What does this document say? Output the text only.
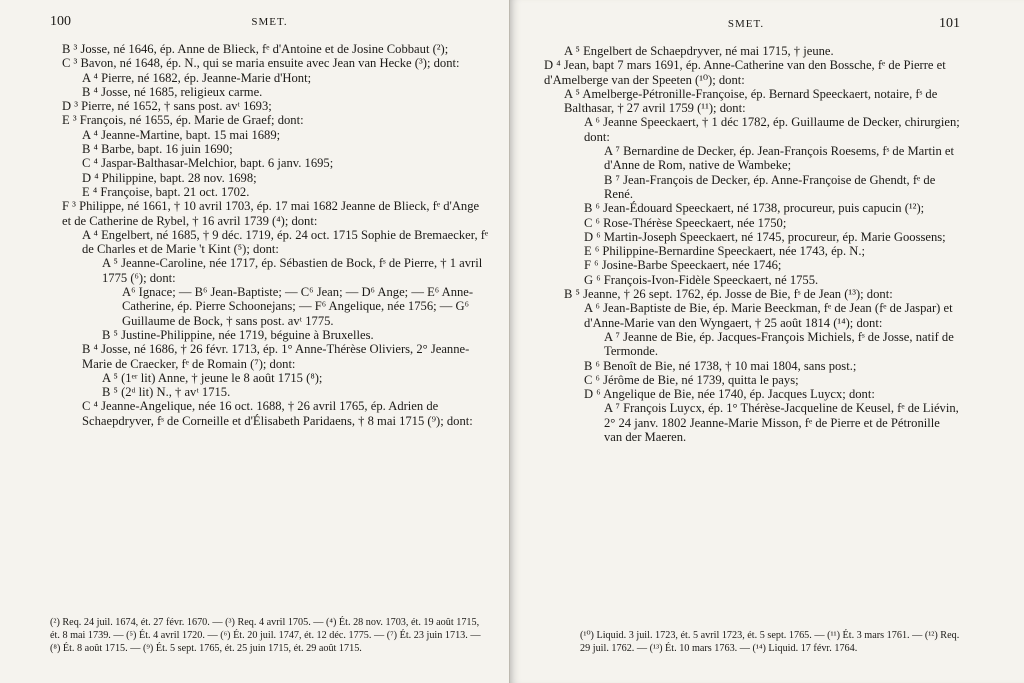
100	SMET.

B ³ Josse, né 1646, ép. Anne de Blieck, fᵉ d'Antoine et de Josine Cobbaut (²);

C ³ Bavon, né 1648, ép. N., qui se maria ensuite avec Jean van Hecke (³); dont:

A ⁴ Pierre, né 1682, ép. Jeanne-Marie d'Hont;

B ⁴ Josse, né 1685, religieux carme.

D ³ Pierre, né 1652, † sans post. avᵗ 1693;

E ³ François, né 1655, ép. Marie de Graef; dont:

A ⁴ Jeanne-Martine, bapt. 15 mai 1689;

B ⁴ Barbe, bapt. 16 juin 1690;

C ⁴ Jaspar-Balthasar-Melchior, bapt. 6 janv. 1695;

D ⁴ Philippine, bapt. 28 nov. 1698;

E ⁴ Françoise, bapt. 21 oct. 1702.

F ³ Philippe, né 1661, † 10 avril 1703, ép. 17 mai 1682 Jeanne de Blieck, fᵉ d'Ange et de Catherine de Rybel, † 16 avril 1739 (⁴); dont:

A ⁴ Engelbert, né 1685, † 9 déc. 1719, ép. 24 oct. 1715 Sophie de Bremaecker, fᵉ de Charles et de Marie 't Kint (⁵); dont:

A ⁵ Jeanne-Caroline, née 1717, ép. Sébastien de Bock, fˢ de Pierre, † 1 avril 1775 (⁶); dont:

A⁶ Ignace; — B⁶ Jean-Baptiste; — C⁶ Jean; — D⁶ Ange; — E⁶ Anne-Catherine, ép. Pierre Schoonejans; — F⁶ Angelique, née 1756; — G⁶ Guillaume de Bock, † sans post. avᵗ 1775.

B ⁵ Justine-Philippine, née 1719, béguine à Bruxelles.

B ⁴ Josse, né 1686, † 26 févr. 1713, ép. 1° Anne-Thérèse Oliviers, 2° Jeanne-Marie de Craecker, fᵉ de Romain (⁷); dont:

A ⁵ (1ᵉʳ lit) Anne, † jeune le 8 août 1715 (⁸);

B ⁵ (2ᵈ lit) N., † avᵗ 1715.

C ⁴ Jeanne-Angelique, née 16 oct. 1688, † 26 avril 1765, ép. Adrien de Schaepdryver, fˢ de Corneille et d'Élisabeth Paridaens, † 8 mai 1715 (⁹); dont:

(²) Req. 24 juil. 1674, ét. 27 févr. 1670. — (³) Req. 4 avril 1705. — (⁴) Ét. 28 nov. 1703, ét. 19 août 1715, ét. 8 mai 1739. — (⁵) Ét. 4 avril 1720. — (⁶) Ét. 20 juil. 1747, ét. 12 déc. 1775. — (⁷) Ét. 23 juin 1713. — (⁸) Ét. 8 août 1715. — (⁹) Ét. 5 sept. 1765, ét. 25 juin 1715, ét. 29 août 1715.
SMET.	101

A ⁵ Engelbert de Schaepdryver, né mai 1715, † jeune.

D ⁴ Jean, bapt 7 mars 1691, ép. Anne-Catherine van den Bossche, fᵉ de Pierre et d'Amelberge van der Speeten (¹⁰); dont:

A ⁵ Amelberge-Pétronille-Françoise, ép. Bernard Speeckaert, notaire, fˢ de Balthasar, † 27 avril 1759 (¹¹); dont:

A ⁶ Jeanne Speeckaert, † 1 déc 1782, ép. Guillaume de Decker, chirurgien; dont:

A ⁷ Bernardine de Decker, ép. Jean-François Roesems, fˢ de Martin et d'Anne de Rom, native de Wambeke;

B ⁷ Jean-François de Decker, ép. Anne-Françoise de Ghendt, fᵉ de René.

B ⁶ Jean-Édouard Speeckaert, né 1738, procureur, puis capucin (¹²);

C ⁶ Rose-Thérèse Speeckaert, née 1750;

D ⁶ Martin-Joseph Speeckaert, né 1745, procureur, ép. Marie Goossens;

E ⁶ Philippine-Bernardine Speeckaert, née 1743, ép. N.;

F ⁶ Josine-Barbe Speeckaert, née 1746;

G ⁶ François-Ivon-Fidèle Speeckaert, né 1755.

B ⁵ Jeanne, † 26 sept. 1762, ép. Josse de Bie, fˢ de Jean (¹³); dont:

A ⁶ Jean-Baptiste de Bie, ép. Marie Beeckman, fᵉ de Jean (fᵉ de Jaspar) et d'Anne-Marie van den Wyngaert, † 25 août 1814 (¹⁴); dont:

A ⁷ Jeanne de Bie, ép. Jacques-François Michiels, fˢ de Josse, natif de Termonde.

B ⁶ Benoît de Bie, né 1738, † 10 mai 1804, sans post.;

C ⁶ Jérôme de Bie, né 1739, quitta le pays;

D ⁶ Angelique de Bie, née 1740, ép. Jacques Luycx; dont:

A ⁷ François Luycx, ép. 1° Thérèse-Jacqueline de Keusel, fᵉ de Liévin, 2° 24 janv. 1802 Jeanne-Marie Misson, fᵉ de Pierre et de Pétronille van der Maeren.

(¹⁰) Liquid. 3 juil. 1723, ét. 5 avril 1723, ét. 5 sept. 1765. — (¹¹) Ét. 3 mars 1761. — (¹²) Req. 29 juil. 1762. — (¹³) Ét. 10 mars 1763. — (¹⁴) Liquid. 17 févr. 1764.
